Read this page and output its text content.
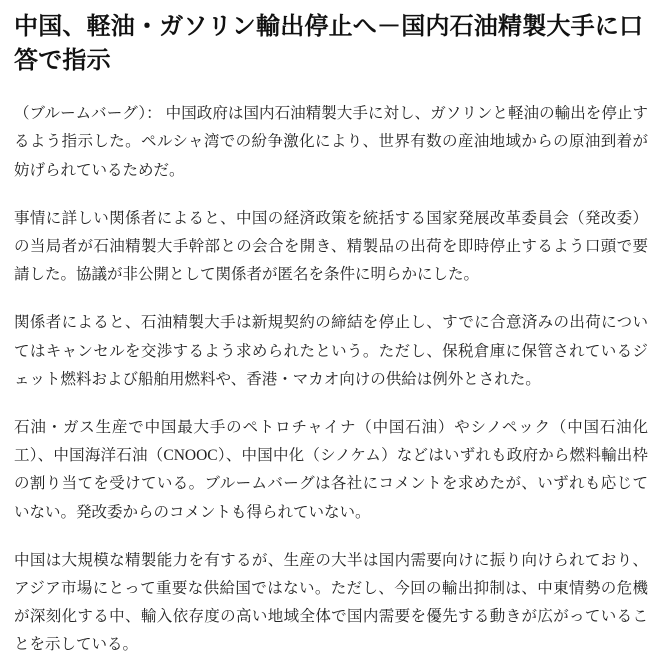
中国、軽油・ガソリン輸出停止へ－国内石油精製大手に口答で指示

（ブルームバーグ）： 中国政府は国内石油精製大手に対し、ガソリンと軽油の輸出を停止するよう指示した。ペルシャ湾での紛争激化により、世界有数の産油地域からの原油到着が妨げられているためだ。

事情に詳しい関係者によると、中国の経済政策を統括する国家発展改革委員会（発改委）の当局者が石油精製大手幹部との会合を開き、精製品の出荷を即時停止するよう口頭で要請した。協議が非公開として関係者が匿名を条件に明らかにした。

関係者によると、石油精製大手は新規契約の締結を停止し、すでに合意済みの出荷についてはキャンセルを交渉するよう求められたという。ただし、保税倉庫に保管されているジェット燃料および船舶用燃料や、香港・マカオ向けの供給は例外とされた。

石油・ガス生産で中国最大手のペトロチャイナ（中国石油）やシノペック（中国石油化工）、中国海洋石油（CNOOC）、中国中化（シノケム）などはいずれも政府から燃料輸出枠の割り当てを受けている。ブルームバーグは各社にコメントを求めたが、いずれも応じていない。発改委からのコメントも得られていない。

中国は大規模な精製能力を有するが、生産の大半は国内需要向けに振り向けられており、アジア市場にとって重要な供給国ではない。ただし、今回の輸出抑制は、中東情勢の危機が深刻化する中、輸入依存度の高い地域全体で国内需要を優先する動きが広がっていることを示している。
